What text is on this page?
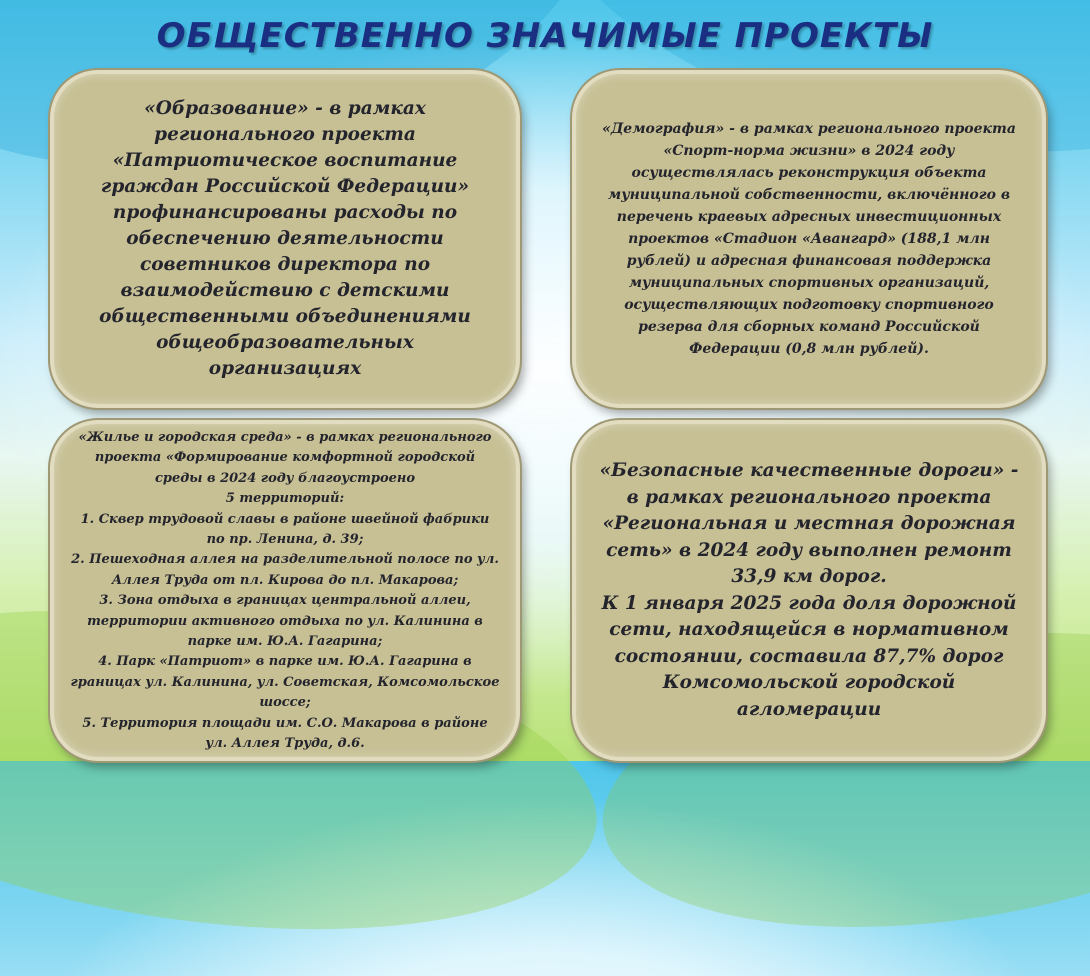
ОБЩЕСТВЕННО ЗНАЧИМЫЕ ПРОЕКТЫ

«Образование» - в рамках регионального проекта «Патриотическое воспитание граждан Российской Федерации» профинансированы расходы по обеспечению деятельности советников директора по взаимодействию с детскими общественными объединениями общеобразовательных организациях

«Демография» - в рамках регионального проекта «Спорт-норма жизни» в 2024 году осуществлялась реконструкция объекта муниципальной собственности, включённого в перечень краевых адресных инвестиционных проектов «Стадион «Авангард» (188,1 млн рублей) и адресная финансовая поддержка муниципальных спортивных организаций, осуществляющих подготовку спортивного резерва для сборных команд Российской Федерации (0,8 млн рублей).

«Жилье и городская среда» - в рамках регионального проекта «Формирование комфортной городской среды в 2024 году благоустроено

5 территорий:

1. Сквер трудовой славы в районе швейной фабрики по пр. Ленина, д. 39;

2. Пешеходная аллея на разделительной полосе по ул. Аллея Труда от пл. Кирова до пл. Макарова;

3. Зона отдыха в границах центральной аллеи, территории активного отдыха по ул. Калинина в парке им. Ю.А. Гагарина;

4. Парк «Патриот» в парке им. Ю.А. Гагарина в границах ул. Калинина, ул. Советская, Комсомольское шоссе;

5. Территория площади им. С.О. Макарова в районе ул. Аллея Труда, д.6.

«Безопасные качественные дороги» - в рамках регионального проекта «Региональная и местная дорожная сеть» в 2024 году выполнен ремонт 33,9 км дорог.

К 1 января 2025 года доля дорожной сети, находящейся в нормативном состоянии, составила 87,7% дорог Комсомольской городской агломерации
